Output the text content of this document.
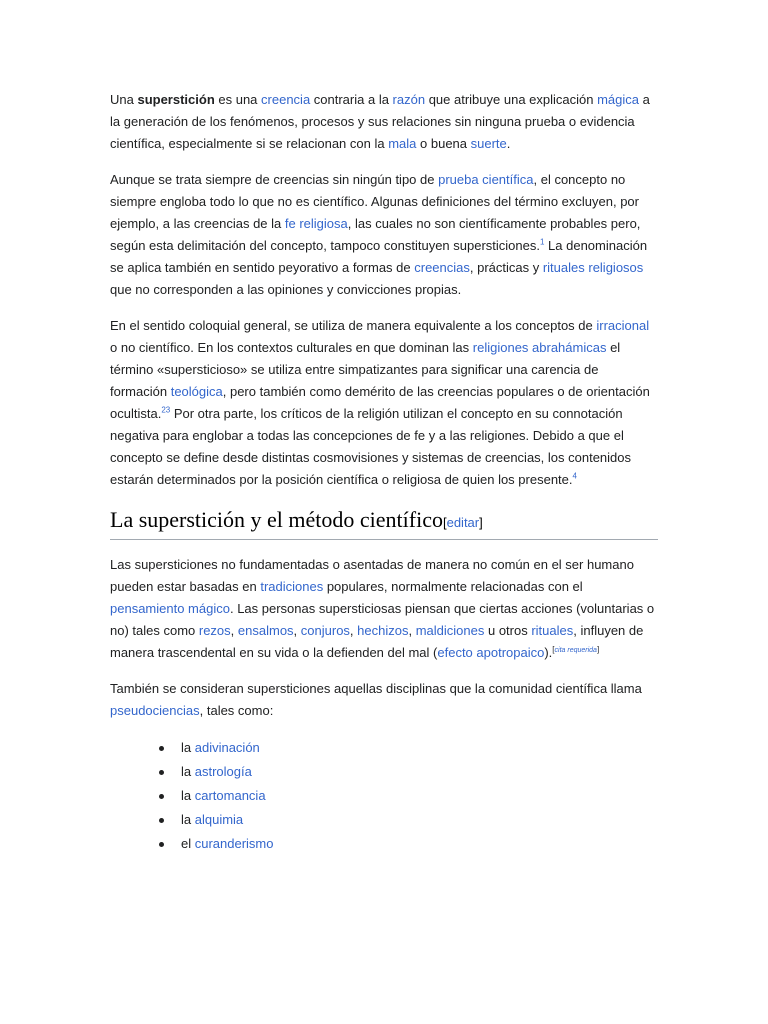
Una superstición es una creencia contraria a la razón que atribuye una explicación mágica a la generación de los fenómenos, procesos y sus relaciones sin ninguna prueba o evidencia científica, especialmente si se relacionan con la mala o buena suerte.

Aunque se trata siempre de creencias sin ningún tipo de prueba científica, el concepto no siempre engloba todo lo que no es científico. Algunas definiciones del término excluyen, por ejemplo, a las creencias de la fe religiosa, las cuales no son científicamente probables pero, según esta delimitación del concepto, tampoco constituyen supersticiones.$^1$ La denominación se aplica también en sentido peyorativo a formas de creencias, prácticas y rituales religiosos que no corresponden a las opiniones y convicciones propias.

En el sentido coloquial general, se utiliza de manera equivalente a los conceptos de irracional o no científico. En los contextos culturales en que dominan las religiones abrahámicas el término «supersticioso» se utiliza entre simpatizantes para significar una carencia de formación teológica, pero también como demérito de las creencias populares o de orientación ocultista.$^{23}$ Por otra parte, los críticos de la religión utilizan el concepto en su connotación negativa para englobar a todas las concepciones de fe y a las religiones. Debido a que el concepto se define desde distintas cosmovisiones y sistemas de creencias, los contenidos estarán determinados por la posición científica o religiosa de quien los presente.$^4$

La superstición y el método científico[editar]

Las supersticiones no fundamentadas o asentadas de manera no común en el ser humano pueden estar basadas en tradiciones populares, normalmente relacionadas con el pensamiento mágico. Las personas supersticiosas piensan que ciertas acciones (voluntarias o no) tales como rezos, ensalmos, conjuros, hechizos, maldiciones u otros rituales, influyen de manera trascendental en su vida o la defienden del mal (efecto apotropaico).[cita requerida]

También se consideran supersticiones aquellas disciplinas que la comunidad científica llama pseudociencias, tales como:

la adivinación
la astrología
la cartomancia
la alquimia
el curanderismo
